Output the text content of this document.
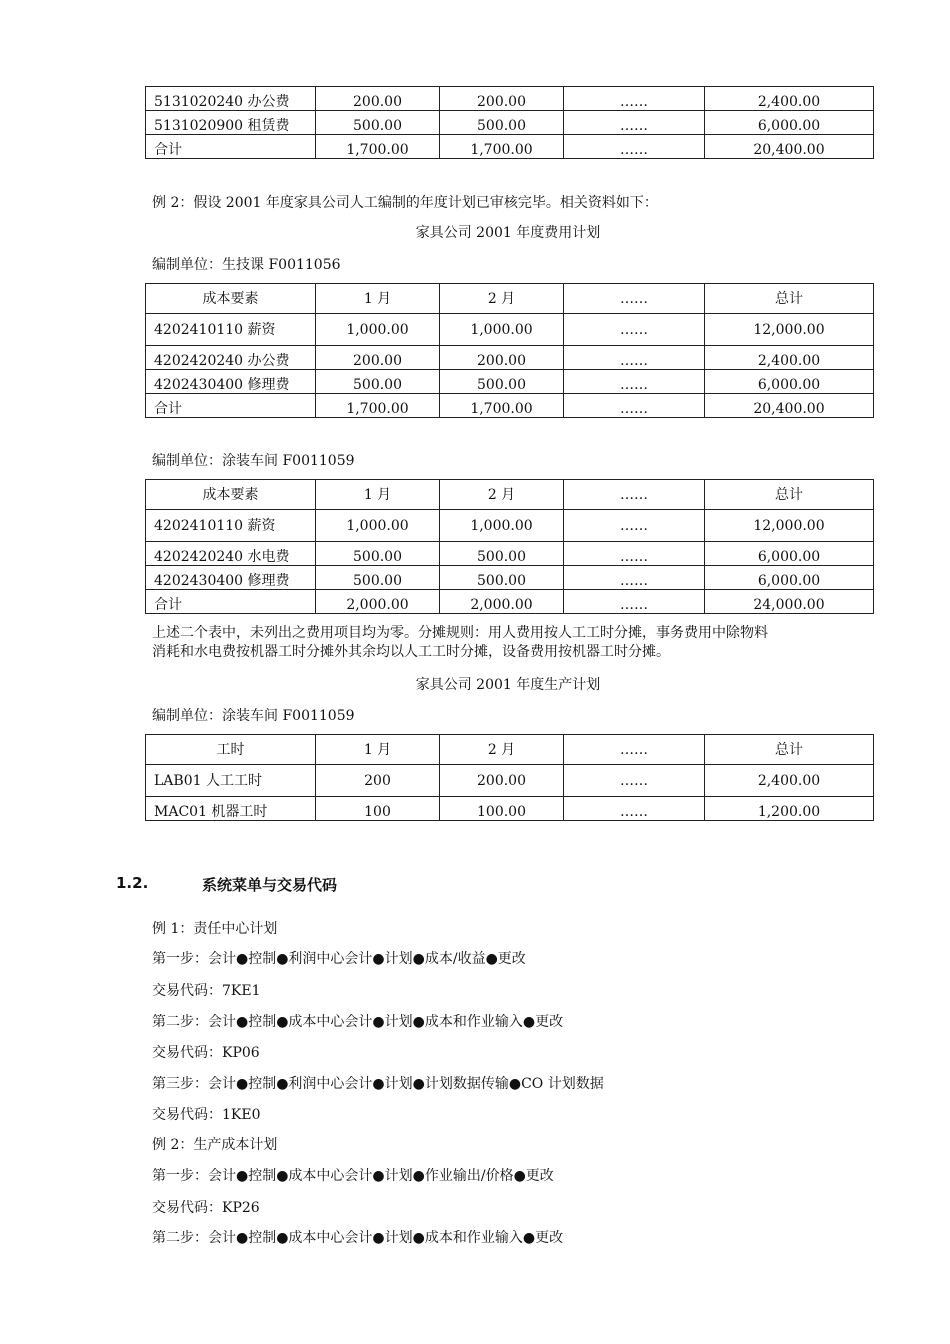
5131020240 办公费	200.00	200.00	……	2,400.00
5131020900 租赁费	500.00	500.00	……	6,000.00
合计	1,700.00	1,700.00	……	20,400.00
例 2：假设 2001 年度家具公司人工编制的年度计划已审核完毕。相关资料如下：
家具公司 2001 年度费用计划
编制单位：生技课 F0011056
成本要素	1 月	2 月	……	总计
4202410110 薪资	1,000.00	1,000.00	……	12,000.00
4202420240 办公费	200.00	200.00	……	2,400.00
4202430400 修理费	500.00	500.00	……	6,000.00
合计	1,700.00	1,700.00	……	20,400.00
编制单位：涂装车间 F0011059
成本要素	1 月	2 月	……	总计
4202410110 薪资	1,000.00	1,000.00	……	12,000.00
4202420240 水电费	500.00	500.00	……	6,000.00
4202430400 修理费	500.00	500.00	……	6,000.00
合计	2,000.00	2,000.00	……	24,000.00
上述二个表中，未列出之费用项目均为零。分摊规则：用人费用按人工工时分摊，事务费用中除物料
消耗和水电费按机器工时分摊外其余均以人工工时分摊，设备费用按机器工时分摊。
家具公司 2001 年度生产计划
编制单位：涂装车间 F0011059
工时	1 月	2 月	……	总计
LAB01 人工工时	200	200.00	……	2,400.00
MAC01 机器工时	100	100.00	……	1,200.00
1.2.	系统菜单与交易代码
例 1：责任中心计划
第一步：会计●控制●利润中心会计●计划●成本/收益●更改
交易代码：7KE1
第二步：会计●控制●成本中心会计●计划●成本和作业输入●更改
交易代码：KP06
第三步：会计●控制●利润中心会计●计划●计划数据传输●CO 计划数据
交易代码：1KE0
例 2：生产成本计划
第一步：会计●控制●成本中心会计●计划●作业输出/价格●更改
交易代码：KP26
第二步：会计●控制●成本中心会计●计划●成本和作业输入●更改
